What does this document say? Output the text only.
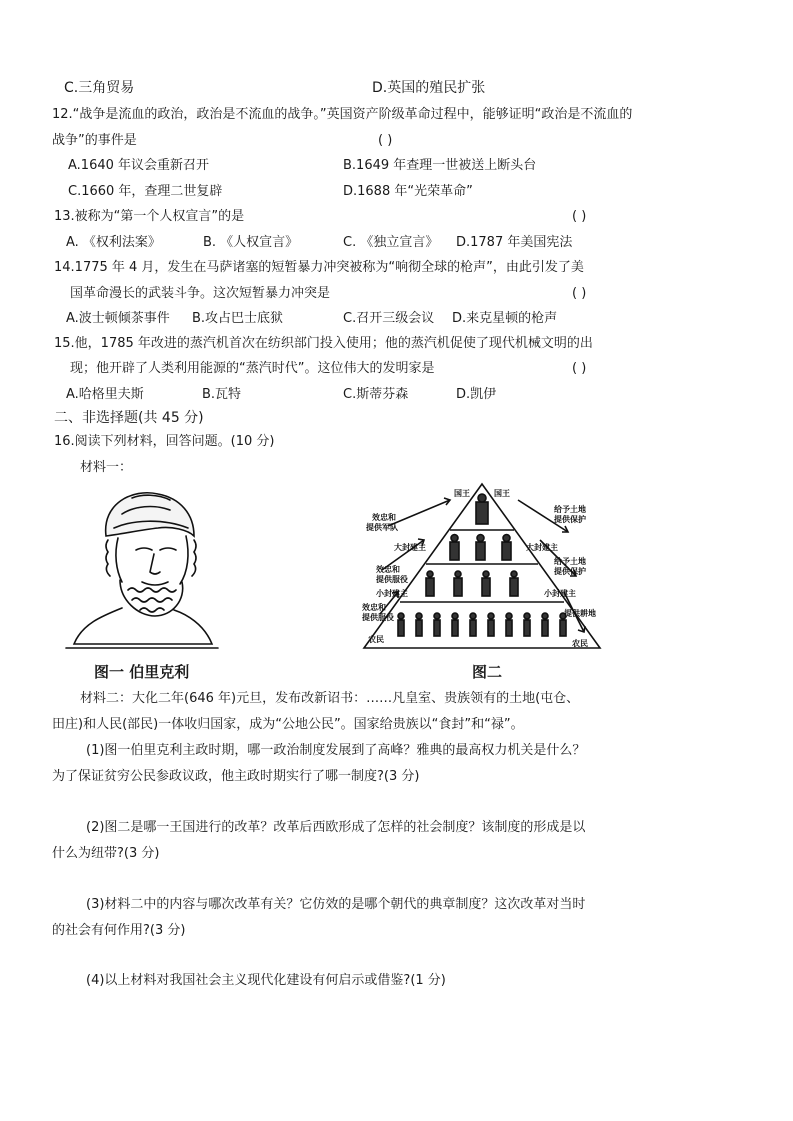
C.三角贸易	D.英国的殖民扩张
12.“战争是流血的政治，政治是不流血的战争。”英国资产阶级革命过程中，能够证明“政治是不流血的
战争”的事件是	( )
A.1640 年议会重新召开	B.1649 年查理一世被送上断头台
C.1660 年，查理二世复辟	D.1688 年“光荣革命”
13.被称为“第一个人权宣言”的是	( )
A. 《权利法案》	B. 《人权宣言》	C. 《独立宣言》 D.1787 年美国宪法
14.1775 年 4 月，发生在马萨诸塞的短暂暴力冲突被称为“响彻全球的枪声”，由此引发了美
国革命漫长的武装斗争。这次短暂暴力冲突是	( )
A.波士顿倾茶事件 B.攻占巴士底狱	C.召开三级会议 D.来克星顿的枪声
15.他，1785 年改进的蒸汽机首次在纺织部门投入使用；他的蒸汽机促使了现代机械文明的出
现；他开辟了人类利用能源的“蒸汽时代”。这位伟大的发明家是	( )
A.哈格里夫斯	B.瓦特	C.斯蒂芬森	D.凯伊
二、非选择题(共 45 分)
16.阅读下列材料，回答问题。(10 分)
材料一：
图一 伯里克利
国王	国王
效忠和
提供军队
给予土地
提供保护
大封建主	大封建主
效忠和
提供服役
给予土地
提供保护
小封建主	小封建主
效忠和
提供服役	提供耕地
农民	农民
图二
材料二：大化二年(646 年)元旦，发布改新诏书：……凡皇室、贵族领有的土地(屯仓、
田庄)和人民(部民)一体收归国家，成为“公地公民”。国家给贵族以“食封”和“禄”。
(1)图一伯里克利主政时期，哪一政治制度发展到了高峰？雅典的最高权力机关是什么？
为了保证贫穷公民参政议政，他主政时期实行了哪一制度?(3 分)
(2)图二是哪一王国进行的改革？改革后西欧形成了怎样的社会制度？该制度的形成是以
什么为纽带?(3 分)
(3)材料二中的内容与哪次改革有关？它仿效的是哪个朝代的典章制度？这次改革对当时
的社会有何作用?(3 分)
(4)以上材料对我国社会主义现代化建设有何启示或借鉴?(1 分)
